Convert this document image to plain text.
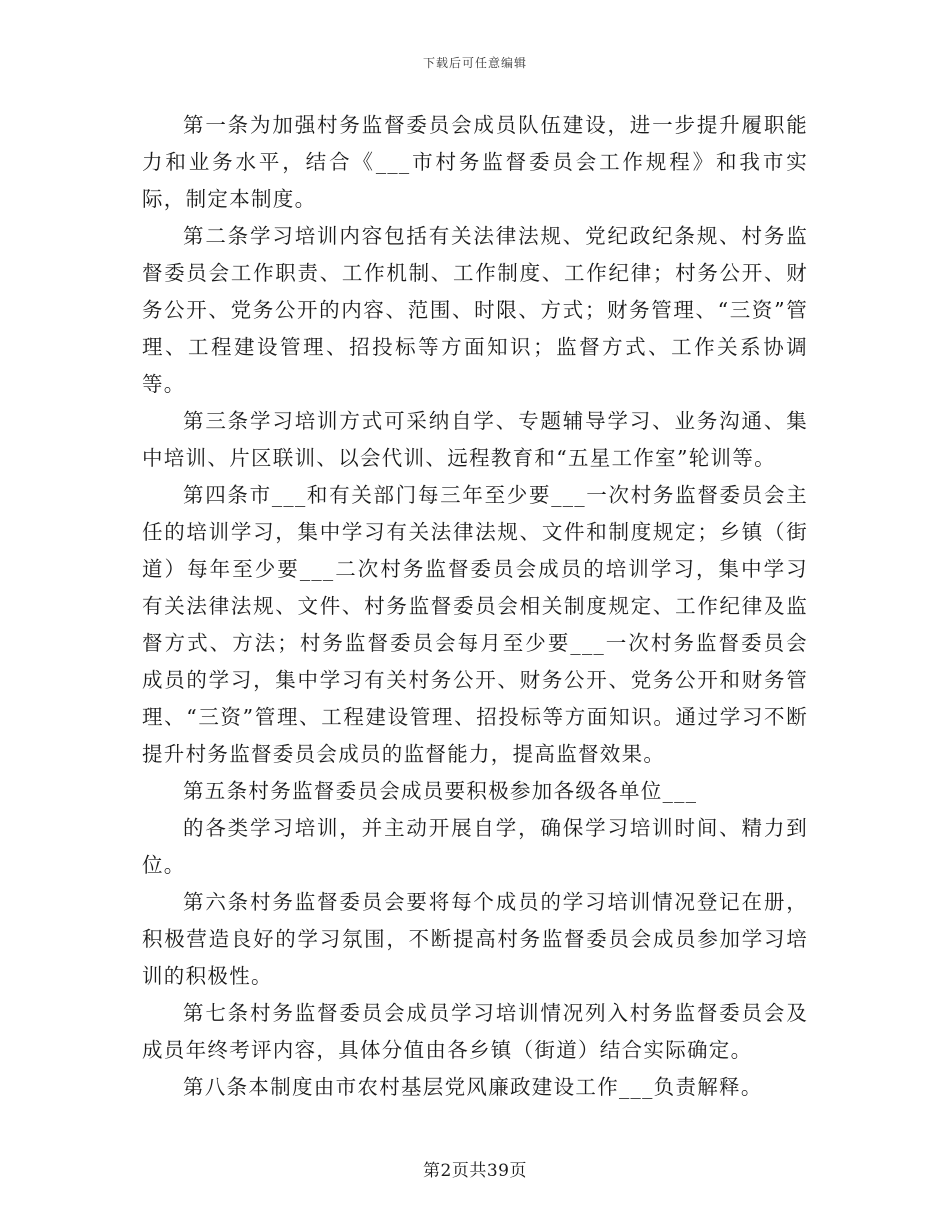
下载后可任意编辑

第一条为加强村务监督委员会成员队伍建设，进一步提升履职能力和业务水平，结合《___市村务监督委员会工作规程》和我市实际，制定本制度。

第二条学习培训内容包括有关法律法规、党纪政纪条规、村务监督委员会工作职责、工作机制、工作制度、工作纪律；村务公开、财务公开、党务公开的内容、范围、时限、方式；财务管理、“三资”管理、工程建设管理、招投标等方面知识；监督方式、工作关系协调等。

第三条学习培训方式可采纳自学、专题辅导学习、业务沟通、集中培训、片区联训、以会代训、远程教育和“五星工作室”轮训等。

第四条市___和有关部门每三年至少要___一次村务监督委员会主任的培训学习，集中学习有关法律法规、文件和制度规定；乡镇（街道）每年至少要___二次村务监督委员会成员的培训学习，集中学习有关法律法规、文件、村务监督委员会相关制度规定、工作纪律及监督方式、方法；村务监督委员会每月至少要___一次村务监督委员会成员的学习，集中学习有关村务公开、财务公开、党务公开和财务管理、“三资”管理、工程建设管理、招投标等方面知识。通过学习不断提升村务监督委员会成员的监督能力，提高监督效果。

第五条村务监督委员会成员要积极参加各级各单位___

的各类学习培训，并主动开展自学，确保学习培训时间、精力到位。

第六条村务监督委员会要将每个成员的学习培训情况登记在册，积极营造良好的学习氛围，不断提高村务监督委员会成员参加学习培训的积极性。

第七条村务监督委员会成员学习培训情况列入村务监督委员会及成员年终考评内容，具体分值由各乡镇（街道）结合实际确定。

第八条本制度由市农村基层党风廉政建设工作___负责解释。

第2页共39页
